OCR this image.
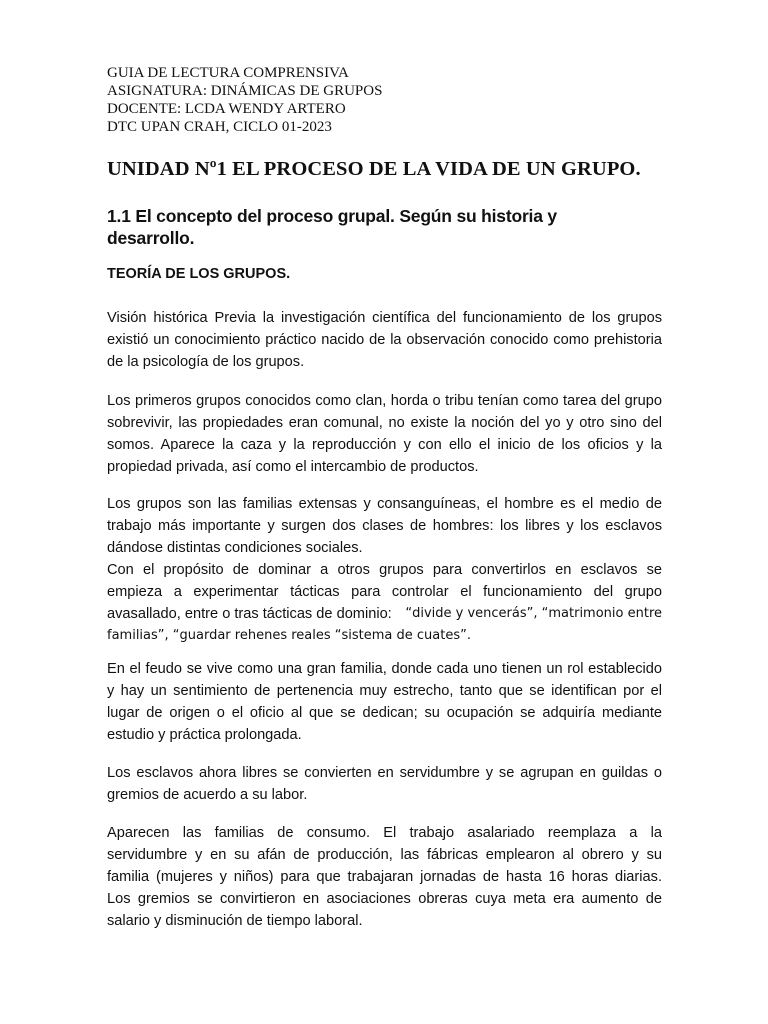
GUIA DE LECTURA COMPRENSIVA
ASIGNATURA: DINÁMICAS DE GRUPOS
DOCENTE: LCDA WENDY ARTERO
DTC UPAN CRAH, CICLO 01-2023
UNIDAD Nº1 EL PROCESO DE LA VIDA DE UN GRUPO.
1.1 El concepto del proceso grupal. Según su historia y
desarrollo.
TEORÍA DE LOS GRUPOS.
Visión histórica Previa la investigación científica del funcionamiento de los grupos
existió un conocimiento práctico nacido de la observación conocido como prehistoria
de la psicología de los grupos.
Los primeros grupos conocidos como clan, horda o tribu tenían como tarea del grupo
sobrevivir, las propiedades eran comunal, no existe la noción del yo y otro sino del
somos. Aparece la caza y la reproducción y con ello el inicio de los oficios y la
propiedad privada, así como el intercambio de productos.
Los grupos son las familias extensas y consanguíneas, el hombre es el medio de
trabajo más importante y surgen dos clases de hombres: los libres y los esclavos
dándose distintas condiciones sociales.
Con el propósito de dominar a otros grupos para convertirlos en esclavos se
empieza a experimentar tácticas para controlar el funcionamiento del grupo
avasallado, entre o tras tácticas de dominio: “divide y vencerás”, “matrimonio entre
familias”, “guardar rehenes reales “sistema de cuates”.
En el feudo se vive como una gran familia, donde cada uno tienen un rol establecido
y hay un sentimiento de pertenencia muy estrecho, tanto que se identifican por el
lugar de origen o el oficio al que se dedican; su ocupación se adquiría mediante
estudio y práctica prolongada.
Los esclavos ahora libres se convierten en servidumbre y se agrupan en guildas o
gremios de acuerdo a su labor.
Aparecen las familias de consumo. El trabajo asalariado reemplaza a la
servidumbre y en su afán de producción, las fábricas emplearon al obrero y su
familia (mujeres y niños) para que trabajaran jornadas de hasta 16 horas diarias.
Los gremios se convirtieron en asociaciones obreras cuya meta era aumento de
salario y disminución de tiempo laboral.
